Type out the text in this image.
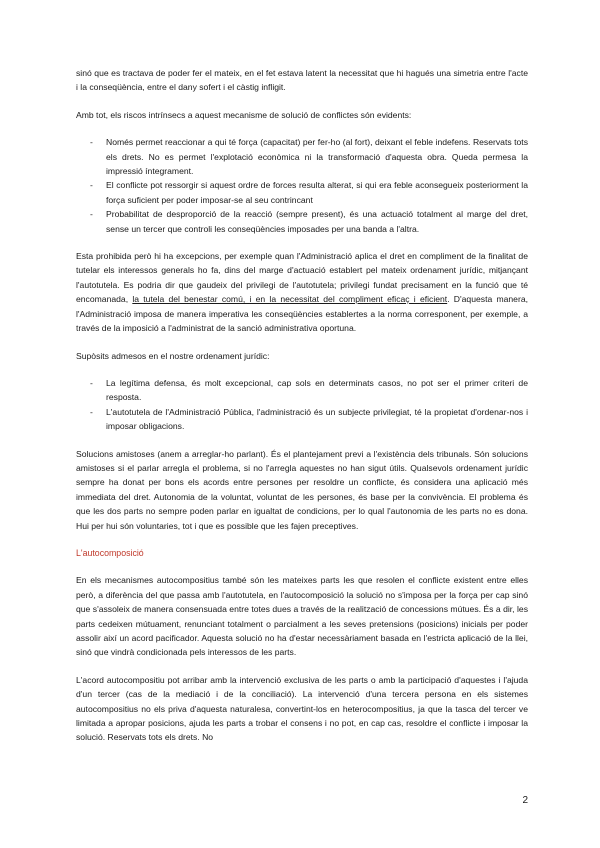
sinó que es tractava de poder fer el mateix, en el fet estava latent la necessitat que hi hagués una simetria entre l'acte i la conseqüència, entre el dany sofert i el càstig infligit.

Amb tot, els riscos intrínsecs a aquest mecanisme de solució de conflictes són evidents:

- Només permet reaccionar a qui té força (capacitat) per fer-ho (al fort), deixant el feble indefens. Reservats tots els drets. No es permet l'explotació econòmica ni la transformació d'aquesta obra. Queda permesa la impressió íntegrament.
- El conflicte pot ressorgir si aquest ordre de forces resulta alterat, si qui era feble aconsegueix posteriorment la força suficient per poder imposar-se al seu contrincant
- Probabilitat de desproporció de la reacció (sempre present), és una actuació totalment al marge del dret, sense un tercer que controli les conseqüències imposades per una banda a l'altra.

Esta prohibida però hi ha excepcions, per exemple quan l'Administració aplica el dret en compliment de la finalitat de tutelar els interessos generals ho fa, dins del marge d'actuació establert pel mateix ordenament jurídic, mitjançant l'autotutela. Es podria dir que gaudeix del privilegi de l'autotutela; privilegi fundat precisament en la funció que té encomanada, la tutela del benestar comú, i en la necessitat del compliment eficaç i eficient. D'aquesta manera, l'Administració imposa de manera imperativa les conseqüències establertes a la norma corresponent, per exemple, a través de la imposició a l'administrat de la sanció administrativa oportuna.

Supòsits admesos en el nostre ordenament jurídic:

- La legítima defensa, és molt excepcional, cap sols en determinats casos, no pot ser el primer criteri de resposta.
- L'autotutela de l'Administració Pública, l'administració és un subjecte privilegiat, té la propietat d'ordenar-nos i imposar obligacions.

Solucions amistoses (anem a arreglar-ho parlant). És el plantejament previ a l'existència dels tribunals. Són solucions amistoses si el parlar arregla el problema, si no l'arregla aquestes no han sigut útils. Qualsevols ordenament jurídic sempre ha donat per bons els acords entre persones per resoldre un conflicte, és considera una aplicació més immediata del dret. Autonomia de la voluntat, voluntat de les persones, és base per la convivència. El problema és que les dos parts no sempre poden parlar en igualtat de condicions, per lo qual l'autonomia de les parts no es dona. Hui per hui són voluntaries, tot i que es possible que les fajen preceptives.

L'autocomposició

En els mecanismes autocompositius també són les mateixes parts les que resolen el conflicte existent entre elles però, a diferència del que passa amb l'autotutela, en l'autocomposició la solució no s'imposa per la força per cap sinó que s'assoleix de manera consensuada entre totes dues a través de la realització de concessions mútues. És a dir, les parts cedeixen mútuament, renunciant totalment o parcialment a les seves pretensions (posicions) inicials per poder assolir així un acord pacificador. Aquesta solució no ha d'estar necessàriament basada en l'estricta aplicació de la llei, sinó que vindrà condicionada pels interessos de les parts.

L'acord autocompositiu pot arribar amb la intervenció exclusiva de les parts o amb la participació d'aquestes i l'ajuda d'un tercer (cas de la mediació i de la conciliació). La intervenció d'una tercera persona en els sistemes autocompositius no els priva d'aquesta naturalesa, convertint-los en heterocompositius, ja que la tasca del tercer ve limitada a apropar posicions, ajuda les parts a trobar el consens i no pot, en cap cas, resoldre el conflicte i imposar la solució. Reservats tots els drets. No

2
